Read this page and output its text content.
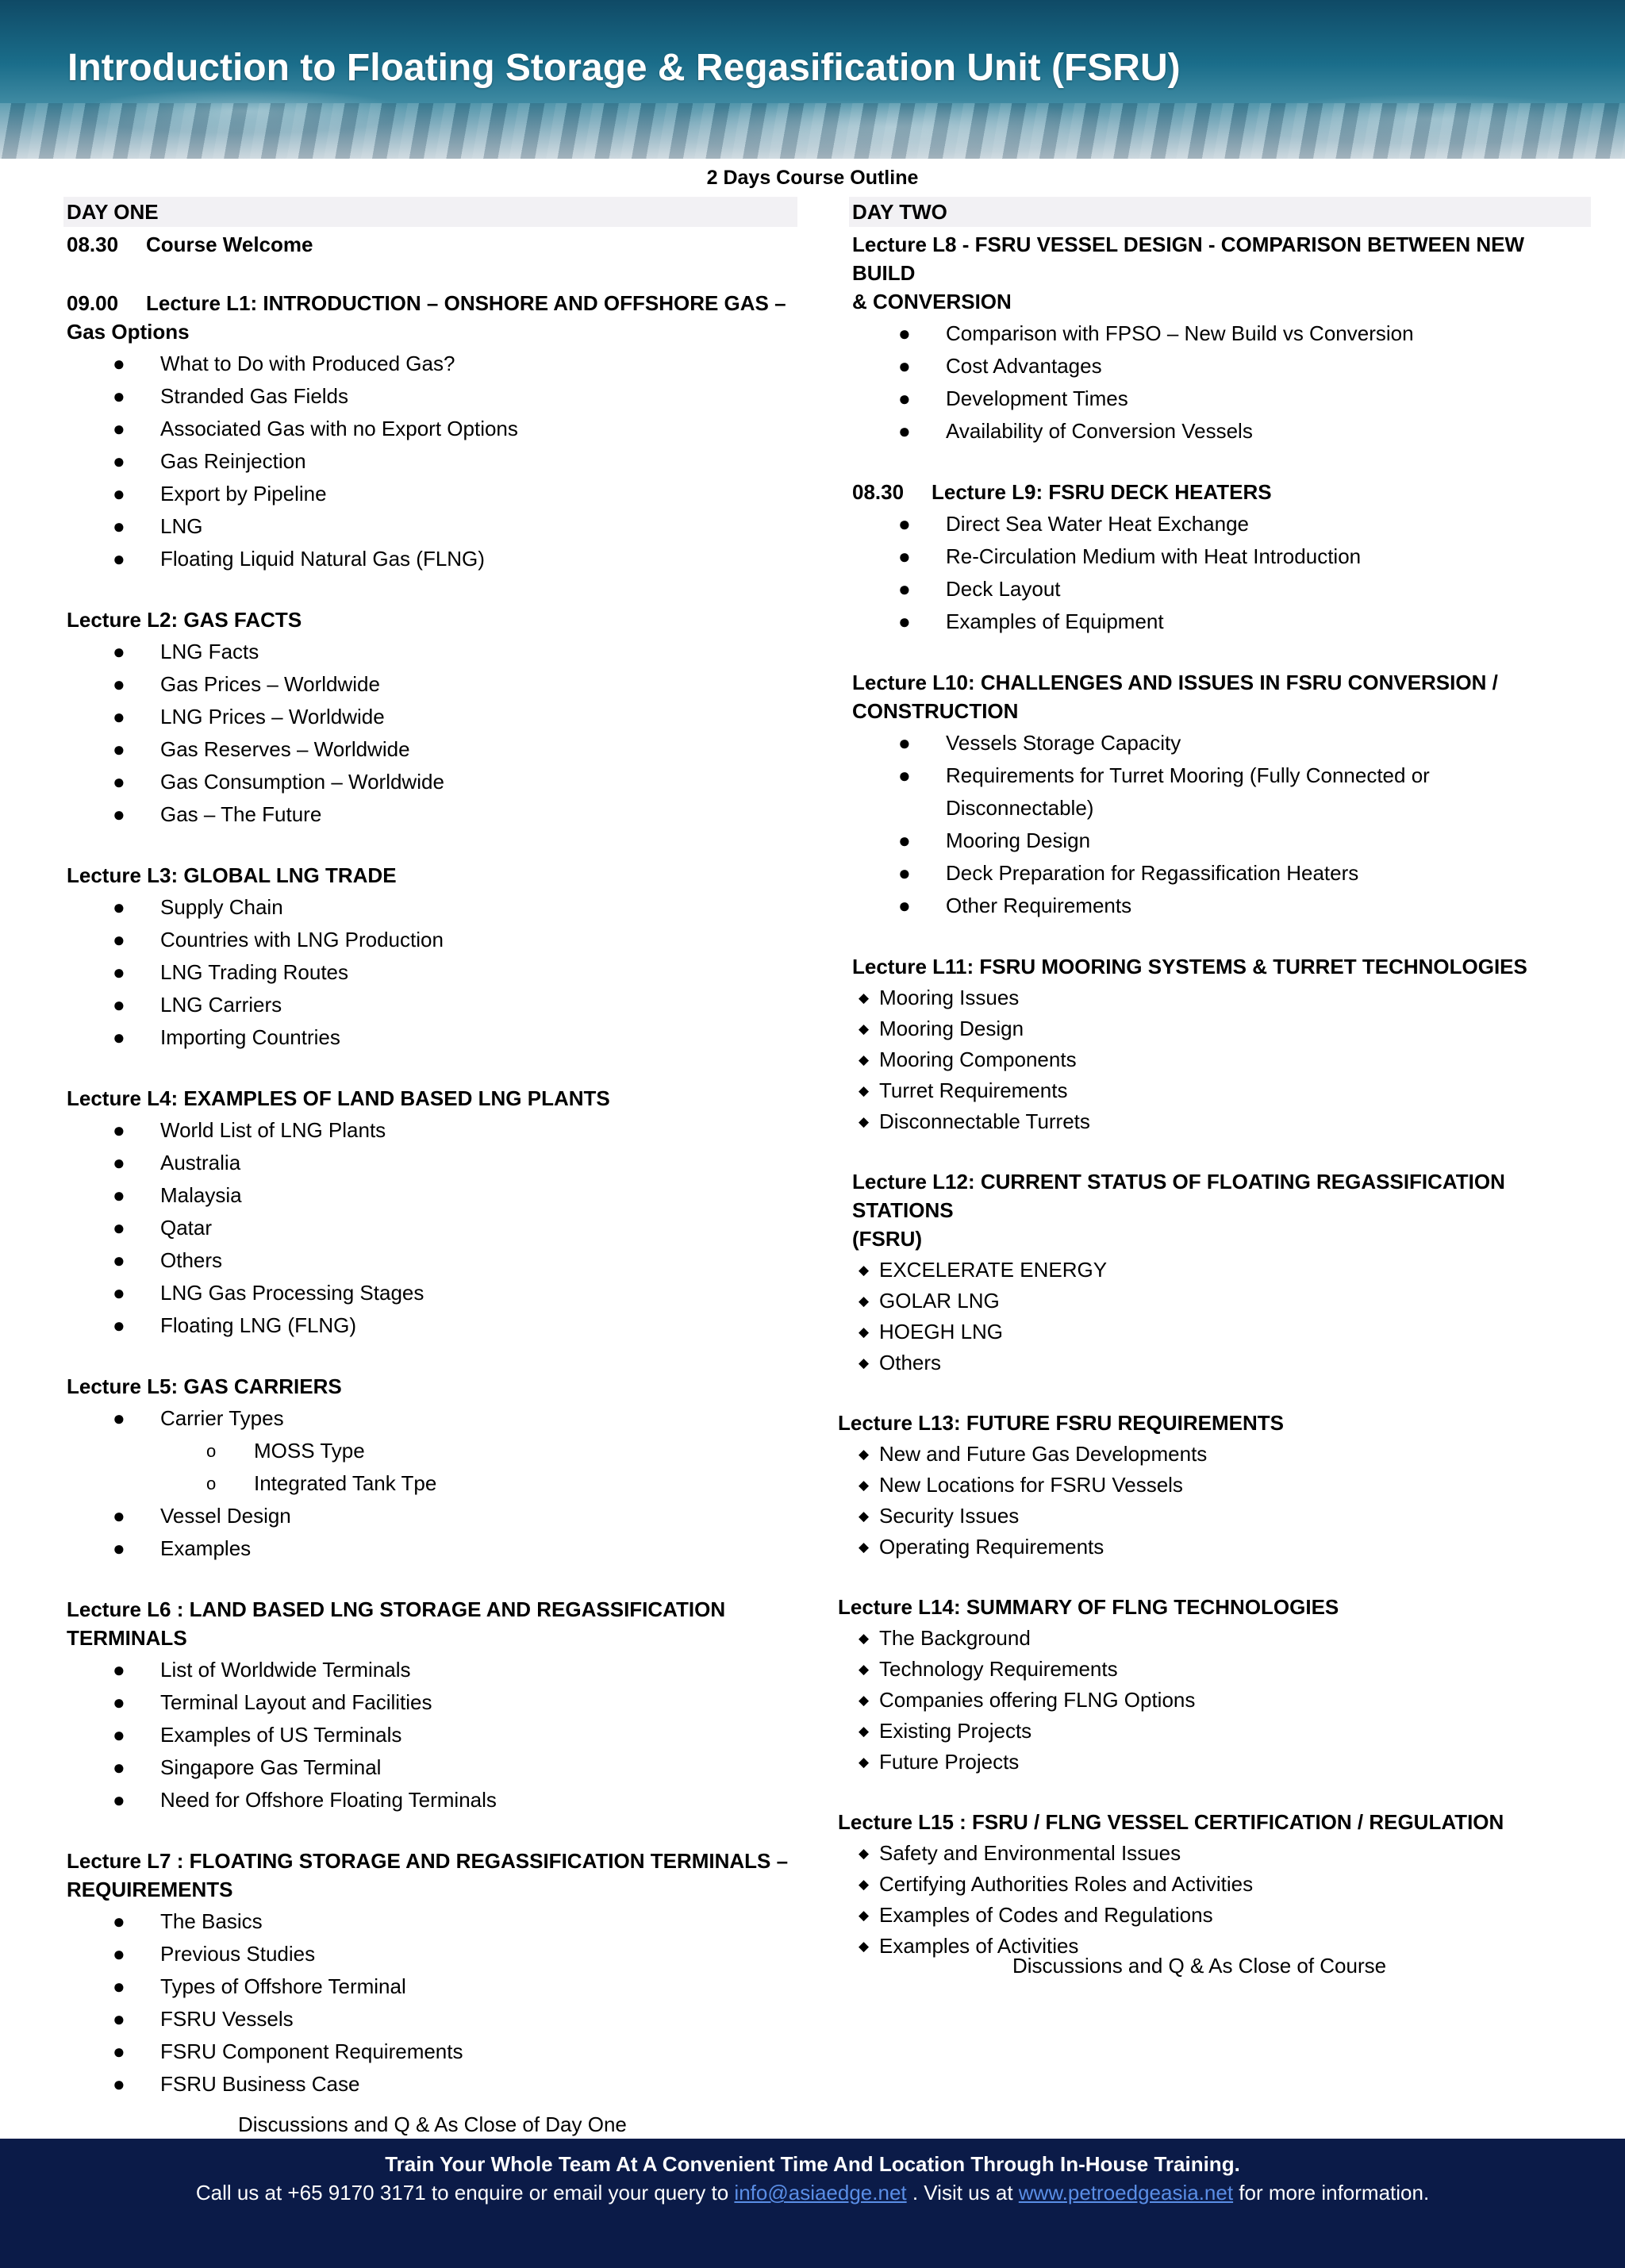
Introduction to Floating Storage & Regasification Unit (FSRU)
2 Days Course Outline
DAY ONE
08.30 Course Welcome
09.00 Lecture L1: INTRODUCTION – ONSHORE AND OFFSHORE GAS –
Gas Options
● What to Do with Produced Gas?
● Stranded Gas Fields
● Associated Gas with no Export Options
● Gas Reinjection
● Export by Pipeline
● LNG
● Floating Liquid Natural Gas (FLNG)
Lecture L2: GAS FACTS
● LNG Facts
● Gas Prices – Worldwide
● LNG Prices – Worldwide
● Gas Reserves – Worldwide
● Gas Consumption – Worldwide
● Gas – The Future
Lecture L3: GLOBAL LNG TRADE
● Supply Chain
● Countries with LNG Production
● LNG Trading Routes
● LNG Carriers
● Importing Countries
Lecture L4: EXAMPLES OF LAND BASED LNG PLANTS
● World List of LNG Plants
● Australia
● Malaysia
● Qatar
● Others
● LNG Gas Processing Stages
● Floating LNG (FLNG)
Lecture L5: GAS CARRIERS
● Carrier Types
o MOSS Type
o Integrated Tank Tpe
● Vessel Design
● Examples
Lecture L6 : LAND BASED LNG STORAGE AND REGASSIFICATION
TERMINALS
● List of Worldwide Terminals
● Terminal Layout and Facilities
● Examples of US Terminals
● Singapore Gas Terminal
● Need for Offshore Floating Terminals
Lecture L7 : FLOATING STORAGE AND REGASSIFICATION TERMINALS –
REQUIREMENTS
● The Basics
● Previous Studies
● Types of Offshore Terminal
● FSRU Vessels
● FSRU Component Requirements
● FSRU Business Case
Discussions and Q & As Close of Day One
DAY TWO
Lecture L8 - FSRU VESSEL DESIGN - COMPARISON BETWEEN NEW BUILD
& CONVERSION
● Comparison with FPSO – New Build vs Conversion
● Cost Advantages
● Development Times
● Availability of Conversion Vessels
08.30 Lecture L9: FSRU DECK HEATERS
● Direct Sea Water Heat Exchange
● Re-Circulation Medium with Heat Introduction
● Deck Layout
● Examples of Equipment
Lecture L10: CHALLENGES AND ISSUES IN FSRU CONVERSION /
CONSTRUCTION
● Vessels Storage Capacity
● Requirements for Turret Mooring (Fully Connected or
Disconnectable)
● Mooring Design
● Deck Preparation for Regassification Heaters
● Other Requirements
Lecture L11: FSRU MOORING SYSTEMS & TURRET TECHNOLOGIES
◆ Mooring Issues
◆ Mooring Design
◆ Mooring Components
◆ Turret Requirements
◆ Disconnectable Turrets
Lecture L12: CURRENT STATUS OF FLOATING REGASSIFICATION STATIONS
(FSRU)
◆ EXCELERATE ENERGY
◆ GOLAR LNG
◆ HOEGH LNG
◆ Others
Lecture L13: FUTURE FSRU REQUIREMENTS
◆ New and Future Gas Developments
◆ New Locations for FSRU Vessels
◆ Security Issues
◆ Operating Requirements
Lecture L14: SUMMARY OF FLNG TECHNOLOGIES
◆ The Background
◆ Technology Requirements
◆ Companies offering FLNG Options
◆ Existing Projects
◆ Future Projects
Lecture L15 : FSRU / FLNG VESSEL CERTIFICATION / REGULATION
◆ Safety and Environmental Issues
◆ Certifying Authorities Roles and Activities
◆ Examples of Codes and Regulations
◆ Examples of Activities
Discussions and Q & As Close of Course
Train Your Whole Team At A Convenient Time And Location Through In-House Training.
Call us at +65 9170 3171 to enquire or email your query to info@asiaedge.net . Visit us at www.petroedgeasia.net for more information.
